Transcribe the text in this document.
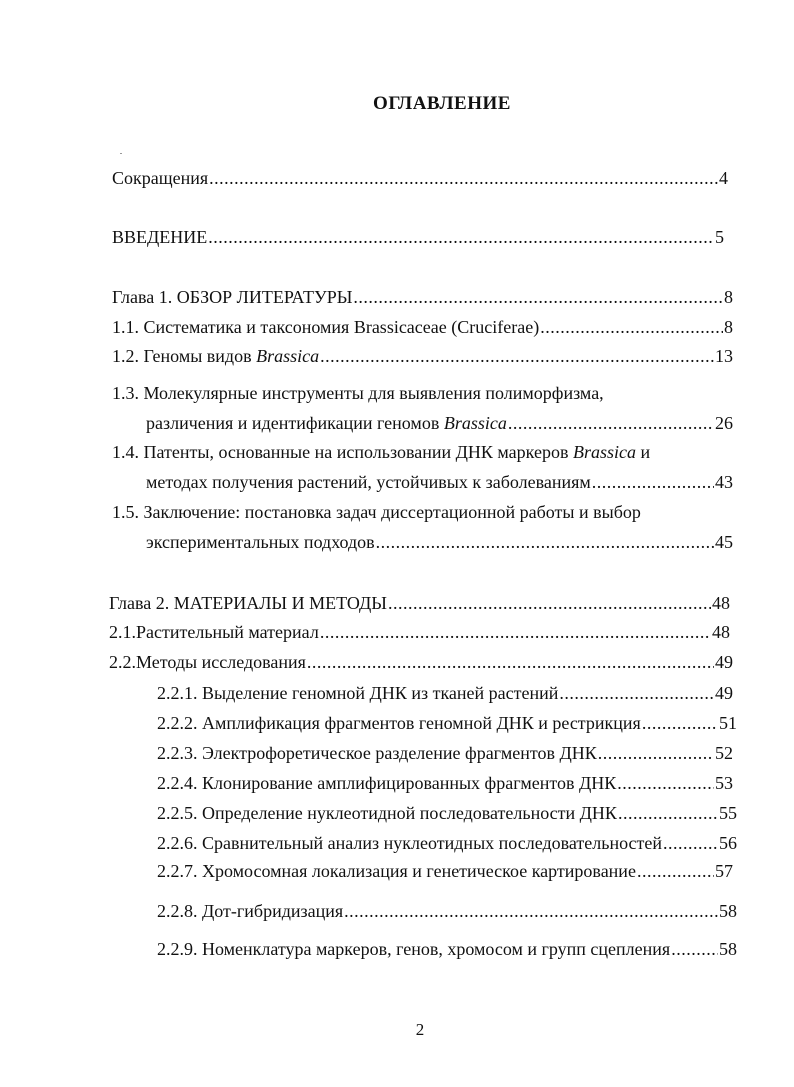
ОГЛАВЛЕНИЕ
Сокращения .....	4
ВВЕДЕНИЕ .....	5
Глава 1. ОБЗОР ЛИТЕРАТУРЫ .....	8
1.1. Систематика и таксономия Brassicaceae (Cruciferae) .....	8
1.2. Геномы видов Brassica .....	13
1.3. Молекулярные инструменты для выявления полиморфизма,
различения и идентификации геномов Brassica .....	26
1.4. Патенты, основанные на использовании ДНК маркеров Brassica и
методах получения растений, устойчивых к заболеваниям .....	43
1.5. Заключение: постановка задач диссертационной работы и выбор
экспериментальных подходов .....	45
Глава 2. МАТЕРИАЛЫ И МЕТОДЫ .....	48
2.1. Растительный материал .....	48
2.2. Методы исследования .....	49
2.2.1. Выделение геномной ДНК из тканей растений .....	49
2.2.2. Амплификация фрагментов геномной ДНК и рестрикция .....	51
2.2.3. Электрофоретическое разделение фрагментов ДНК .....	52
2.2.4. Клонирование амплифицированных фрагментов ДНК .....	53
2.2.5. Определение нуклеотидной последовательности ДНК .....	55
2.2.6. Сравнительный анализ нуклеотидных последовательностей .....	56
2.2.7. Хромосомная локализация и генетическое картирование .....	57
2.2.8. Дот-гибридизация .....	58
2.2.9. Номенклатура маркеров, генов, хромосом и групп сцепления .....	58
2
